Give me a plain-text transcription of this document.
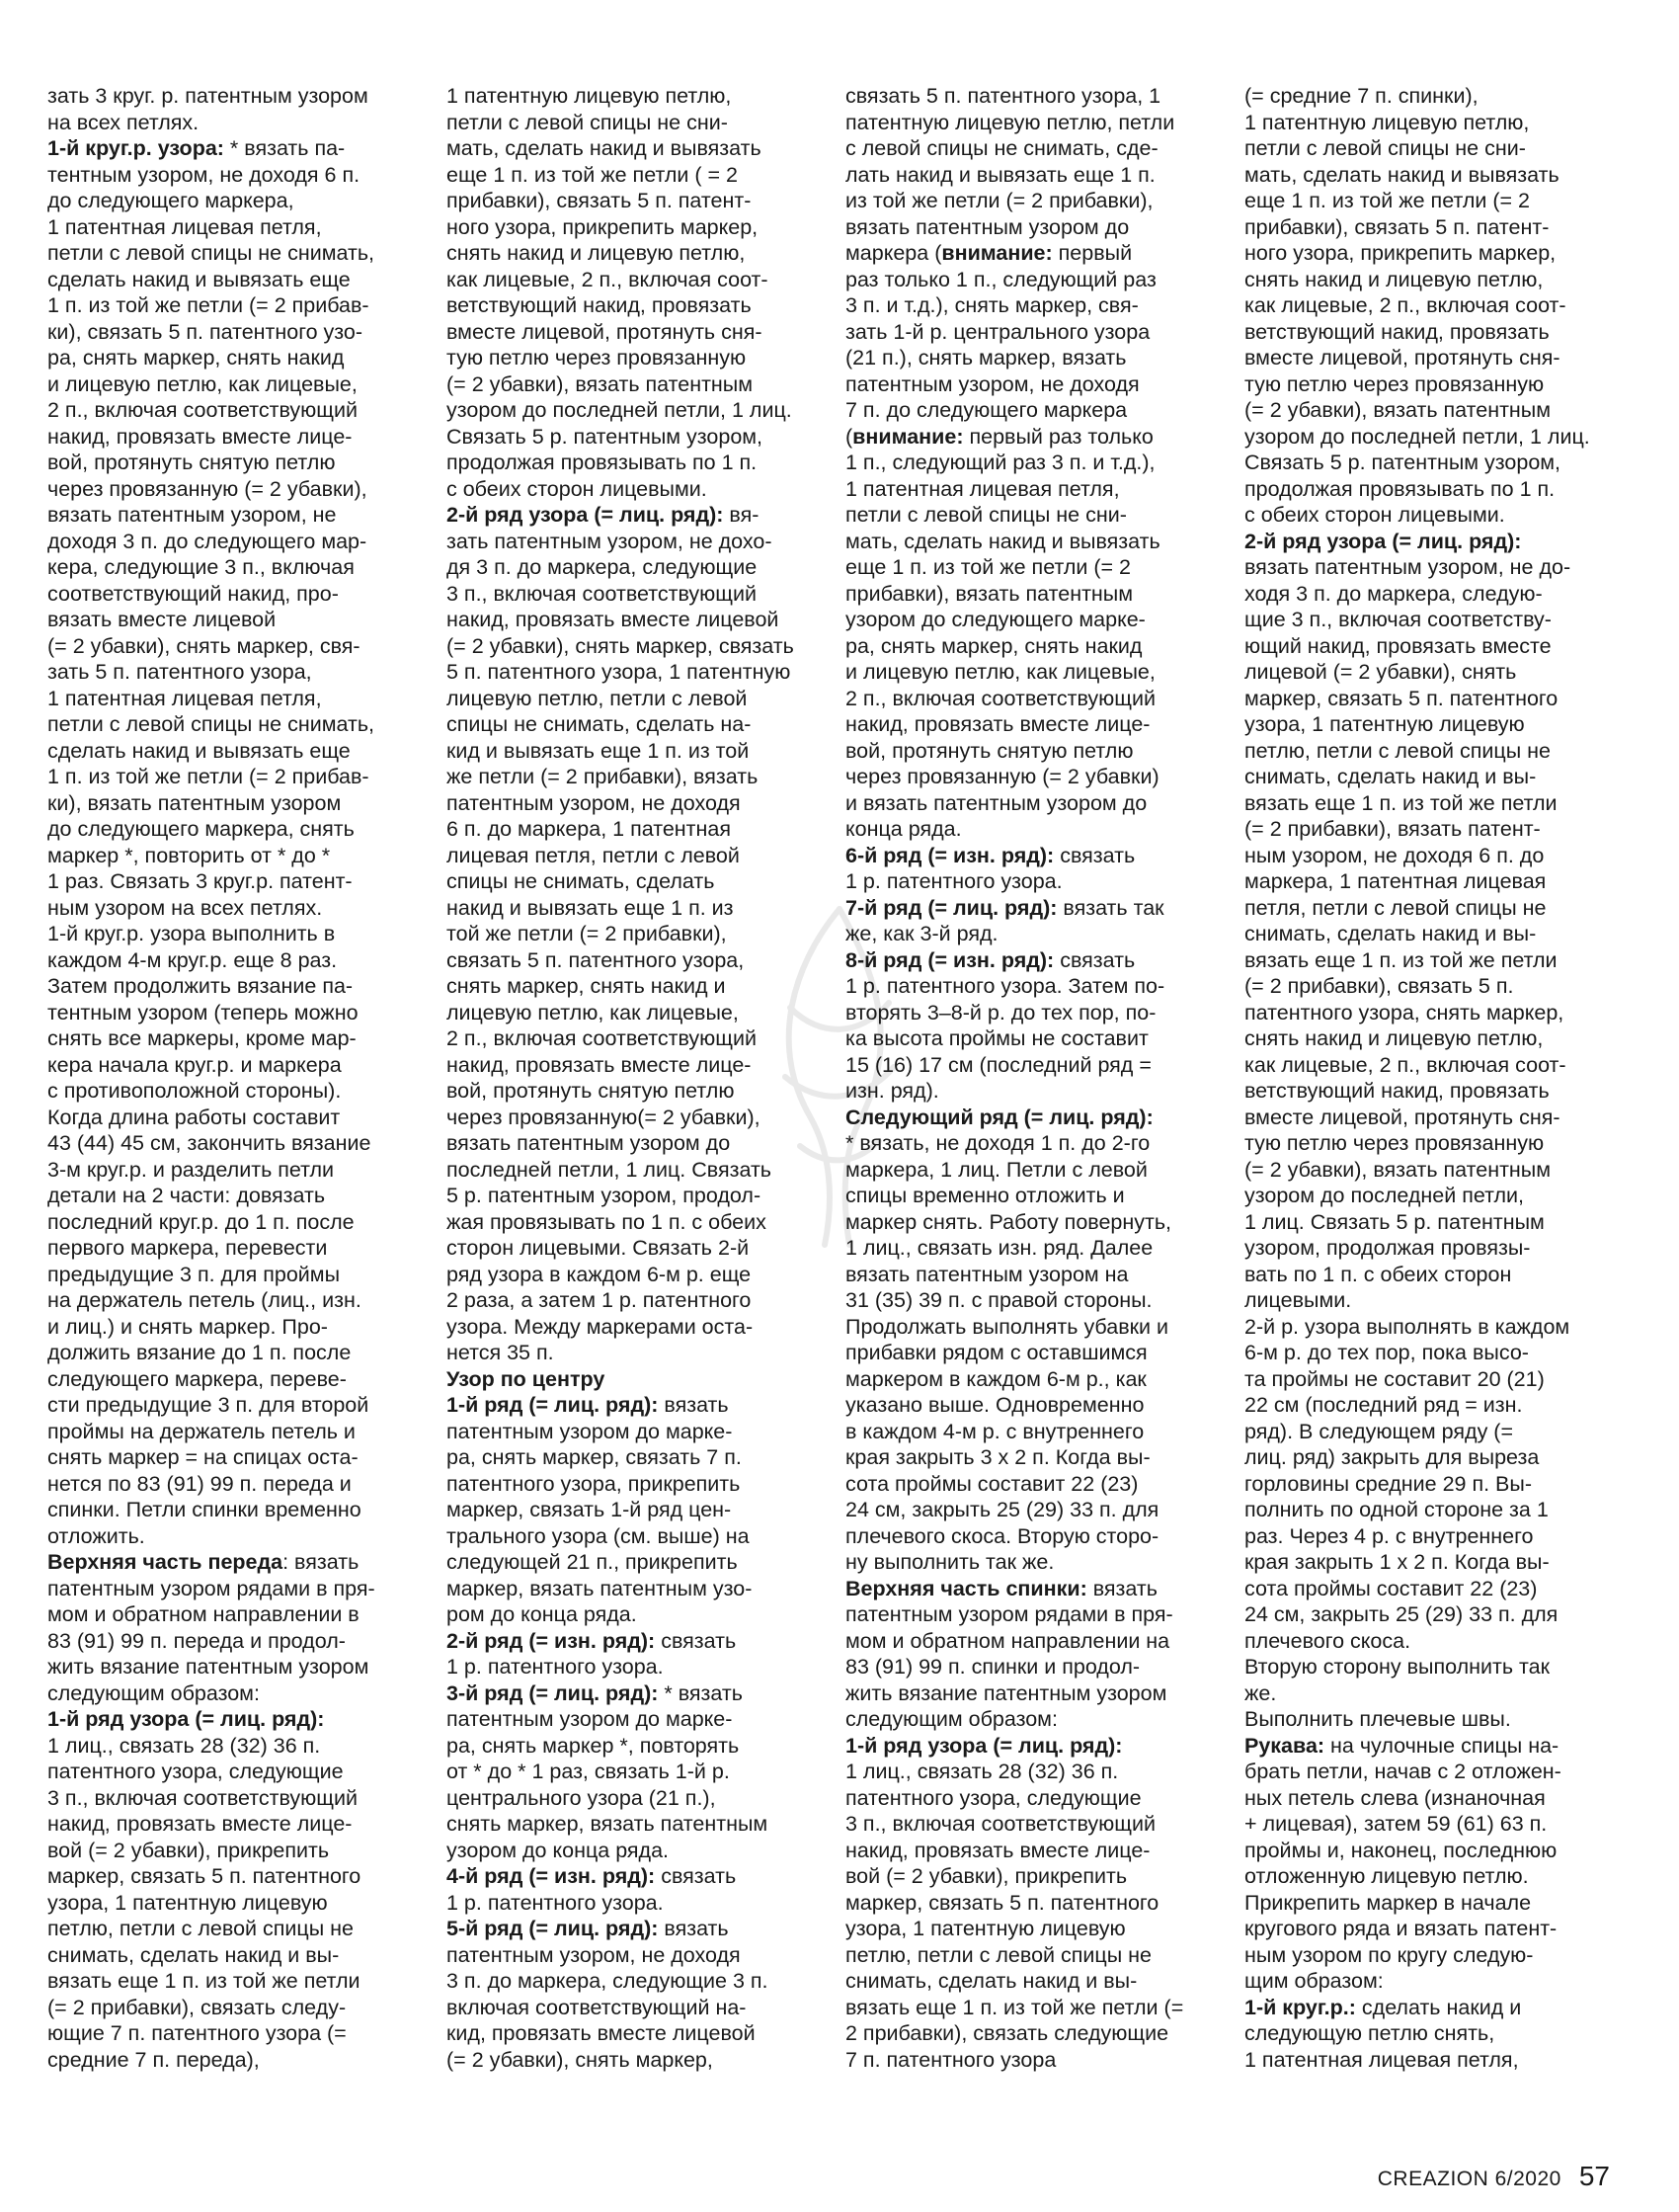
зать 3 круг. р. патентным узором
на всех петлях.

1-й круг.р. узора: * вязать па-
тентным узором, не доходя 6 п.
до следующего маркера,
1 патентная лицевая петля,
петли с левой спицы не снимать,
сделать накид и вывязать еще
1 п. из той же петли (= 2 прибав-
ки), связать 5 п. патентного узо-
ра, снять маркер, снять накид
и лицевую петлю, как лицевые,
2 п., включая соответствующий
накид, провязать вместе лице-
вой, протянуть снятую петлю
через провязанную (= 2 убавки),
вязать патентным узором, не
доходя 3 п. до следующего мар-
кера, следующие 3 п., включая
соответствующий накид, про-
вязать вместе лицевой
(= 2 убавки), снять маркер, свя-
зать 5 п. патентного узора,
1 патентная лицевая петля,
петли с левой спицы не снимать,
сделать накид и вывязать еще
1 п. из той же петли (= 2 прибав-
ки), вязать патентным узором
до следующего маркера, снять
маркер *, повторить от * до *
1 раз. Связать 3 круг.р. патент-
ным узором на всех петлях.
1-й круг.р. узора выполнить в
каждом 4-м круг.р. еще 8 раз.
Затем продолжить вязание па-
тентным узором (теперь можно
снять все маркеры, кроме мар-
кера начала круг.р. и маркера
с противоположной стороны).
Когда длина работы составит
43 (44) 45 см, закончить вязание
3-м круг.р. и разделить петли
детали на 2 части: довязать
последний круг.р. до 1 п. после
первого маркера, перевести
предыдущие 3 п. для проймы
на держатель петель (лиц., изн.
и лиц.) и снять маркер. Про-
должить вязание до 1 п. после
следующего маркера, переве-
сти предыдущие 3 п. для второй
проймы на держатель петель и
снять маркер = на спицах оста-
нется по 83 (91) 99 п. переда и
спинки. Петли спинки временно
отложить.

Верхняя часть переда: вязать
патентным узором рядами в пря-
мом и обратном направлении в
83 (91) 99 п. переда и продол-
жить вязание патентным узором
следующим образом:

1-й ряд узора (= лиц. ряд):
1 лиц., связать 28 (32) 36 п.
патентного узора, следующие
3 п., включая соответствующий
накид, провязать вместе лице-
вой (= 2 убавки), прикрепить
маркер, связать 5 п. патентного
узора, 1 патентную лицевую
петлю, петли с левой спицы не
снимать, сделать накид и вы-
вязать еще 1 п. из той же петли
(= 2 прибавки), связать следу-
ющие 7 п. патентного узора (=
средние 7 п. переда),

1 патентную лицевую петлю,
петли с левой спицы не сни-
мать, сделать накид и вывязать
еще 1 п. из той же петли ( = 2
прибавки), связать 5 п. патент-
ного узора, прикрепить маркер,
снять накид и лицевую петлю,
как лицевые, 2 п., включая соот-
ветствующий накид, провязать
вместе лицевой, протянуть сня-
тую петлю через провязанную
(= 2 убавки), вязать патентным
узором до последней петли, 1 лиц.
Связать 5 р. патентным узором,
продолжая провязывать по 1 п.
с обеих сторон лицевыми.

2-й ряд узора (= лиц. ряд): вя-
зать патентным узором, не дохо-
дя 3 п. до маркера, следующие
3 п., включая соответствующий
накид, провязать вместе лицевой
(= 2 убавки), снять маркер, связать
5 п. патентного узора, 1 патентную
лицевую петлю, петли с левой
спицы не снимать, сделать на-
кид и вывязать еще 1 п. из той
же петли (= 2 прибавки), вязать
патентным узором, не доходя
6 п. до маркера, 1 патентная
лицевая петля, петли с левой
спицы не снимать, сделать
накид и вывязать еще 1 п. из
той же петли (= 2 прибавки),
связать 5 п. патентного узора,
снять маркер, снять накид и
лицевую петлю, как лицевые,
2 п., включая соответствующий
накид, провязать вместе лице-
вой, протянуть снятую петлю
через провязанную(= 2 убавки),
вязать патентным узором до
последней петли, 1 лиц. Связать
5 р. патентным узором, продол-
жая провязывать по 1 п. с обеих
сторон лицевыми. Связать 2-й
ряд узора в каждом 6-м р. еще
2 раза, а затем 1 р. патентного
узора. Между маркерами оста-
нется 35 п.

Узор по центру

1-й ряд (= лиц. ряд): вязать
патентным узором до марке-
ра, снять маркер, связать 7 п.
патентного узора, прикрепить
маркер, связать 1-й ряд цен-
трального узора (см. выше) на
следующей 21 п., прикрепить
маркер, вязать патентным узо-
ром до конца ряда.

2-й ряд (= изн. ряд): связать
1 р. патентного узора.

3-й ряд (= лиц. ряд): * вязать
патентным узором до марке-
ра, снять маркер *, повторять
от * до * 1 раз, связать 1-й р.
центрального узора (21 п.),
снять маркер, вязать патентным
узором до конца ряда.

4-й ряд (= изн. ряд): связать
1 р. патентного узора.

5-й ряд (= лиц. ряд): вязать
патентным узором, не доходя
3 п. до маркера, следующие 3 п.
включая соответствующий на-
кид, провязать вместе лицевой
(= 2 убавки), снять маркер,

связать 5 п. патентного узора, 1
патентную лицевую петлю, петли
с левой спицы не снимать, сде-
лать накид и вывязать еще 1 п.
из той же петли (= 2 прибавки),
вязать патентным узором до
маркера (внимание: первый
раз только 1 п., следующий раз
3 п. и т.д.), снять маркер, свя-
зать 1-й р. центрального узора
(21 п.), снять маркер, вязать
патентным узором, не доходя
7 п. до следующего маркера
(внимание: первый раз только
1 п., следующий раз 3 п. и т.д.),
1 патентная лицевая петля,
петли с левой спицы не сни-
мать, сделать накид и вывязать
еще 1 п. из той же петли (= 2
прибавки), вязать патентным
узором до следующего марке-
ра, снять маркер, снять накид
и лицевую петлю, как лицевые,
2 п., включая соответствующий
накид, провязать вместе лице-
вой, протянуть снятую петлю
через провязанную (= 2 убавки)
и вязать патентным узором до
конца ряда.

6-й ряд (= изн. ряд): связать
1 р. патентного узора.

7-й ряд (= лиц. ряд): вязать так
же, как 3-й ряд.

8-й ряд (= изн. ряд): связать
1 р. патентного узора. Затем по-
вторять 3–8-й р. до тех пор, по-
ка высота проймы не составит
15 (16) 17 см (последний ряд =
изн. ряд).

Следующий ряд (= лиц. ряд):
* вязать, не доходя 1 п. до 2-го
маркера, 1 лиц. Петли с левой
спицы временно отложить и
маркер снять. Работу повернуть,
1 лиц., связать изн. ряд. Далее
вязать патентным узором на
31 (35) 39 п. с правой стороны.
Продолжать выполнять убавки и
прибавки рядом с оставшимся
маркером в каждом 6-м р., как
указано выше. Одновременно
в каждом 4-м р. с внутреннего
края закрыть 3 х 2 п. Когда вы-
сота проймы составит 22 (23)
24 см, закрыть 25 (29) 33 п. для
плечевого скоса. Вторую сторо-
ну выполнить так же.

Верхняя часть спинки: вязать
патентным узором рядами в пря-
мом и обратном направлении на
83 (91) 99 п. спинки и продол-
жить вязание патентным узором
следующим образом:

1-й ряд узора (= лиц. ряд):
1 лиц., связать 28 (32) 36 п.
патентного узора, следующие
3 п., включая соответствующий
накид, провязать вместе лице-
вой (= 2 убавки), прикрепить
маркер, связать 5 п. патентного
узора, 1 патентную лицевую
петлю, петли с левой спицы не
снимать, сделать накид и вы-
вязать еще 1 п. из той же петли (=
2 прибавки), связать следующие
7 п. патентного узора

(= средние 7 п. спинки),
1 патентную лицевую петлю,
петли с левой спицы не сни-
мать, сделать накид и вывязать
еще 1 п. из той же петли (= 2
прибавки), связать 5 п. патент-
ного узора, прикрепить маркер,
снять накид и лицевую петлю,
как лицевые, 2 п., включая соот-
ветствующий накид, провязать
вместе лицевой, протянуть сня-
тую петлю через провязанную
(= 2 убавки), вязать патентным
узором до последней петли, 1 лиц.
Связать 5 р. патентным узором,
продолжая провязывать по 1 п.
с обеих сторон лицевыми.

2-й ряд узора (= лиц. ряд):
вязать патентным узором, не до-
ходя 3 п. до маркера, следую-
щие 3 п., включая соответству-
ющий накид, провязать вместе
лицевой (= 2 убавки), снять
маркер, связать 5 п. патентного
узора, 1 патентную лицевую
петлю, петли с левой спицы не
снимать, сделать накид и вы-
вязать еще 1 п. из той же петли
(= 2 прибавки), вязать патент-
ным узором, не доходя 6 п. до
маркера, 1 патентная лицевая
петля, петли с левой спицы не
снимать, сделать накид и вы-
вязать еще 1 п. из той же петли
(= 2 прибавки), связать 5 п.
патентного узора, снять маркер,
снять накид и лицевую петлю,
как лицевые, 2 п., включая соот-
ветствующий накид, провязать
вместе лицевой, протянуть сня-
тую петлю через провязанную
(= 2 убавки), вязать патентным
узором до последней петли,
1 лиц. Связать 5 р. патентным
узором, продолжая провязы-
вать по 1 п. с обеих сторон
лицевыми.
2-й р. узора выполнять в каждом
6-м р. до тех пор, пока высо-
та проймы не составит 20 (21)
22 см (последний ряд = изн.
ряд). В следующем ряду (=
лиц. ряд) закрыть для выреза
горловины средние 29 п. Вы-
полнить по одной стороне за 1
раз. Через 4 р. с внутреннего
края закрыть 1 х 2 п. Когда вы-
сота проймы составит 22 (23)
24 см, закрыть 25 (29) 33 п. для
плечевого скоса.
Вторую сторону выполнить так
же.
Выполнить плечевые швы.

Рукава: на чулочные спицы на-
брать петли, начав с 2 отложен-
ных петель слева (изнаночная
+ лицевая), затем 59 (61) 63 п.
проймы и, наконец, последнюю
отложенную лицевую петлю.
Прикрепить маркер в начале
кругового ряда и вязать патент-
ным узором по кругу следую-
щим образом:

1-й круг.р.: сделать накид и
следующую петлю снять,
1 патентная лицевая петля,

CREAZION 6/2020 57
